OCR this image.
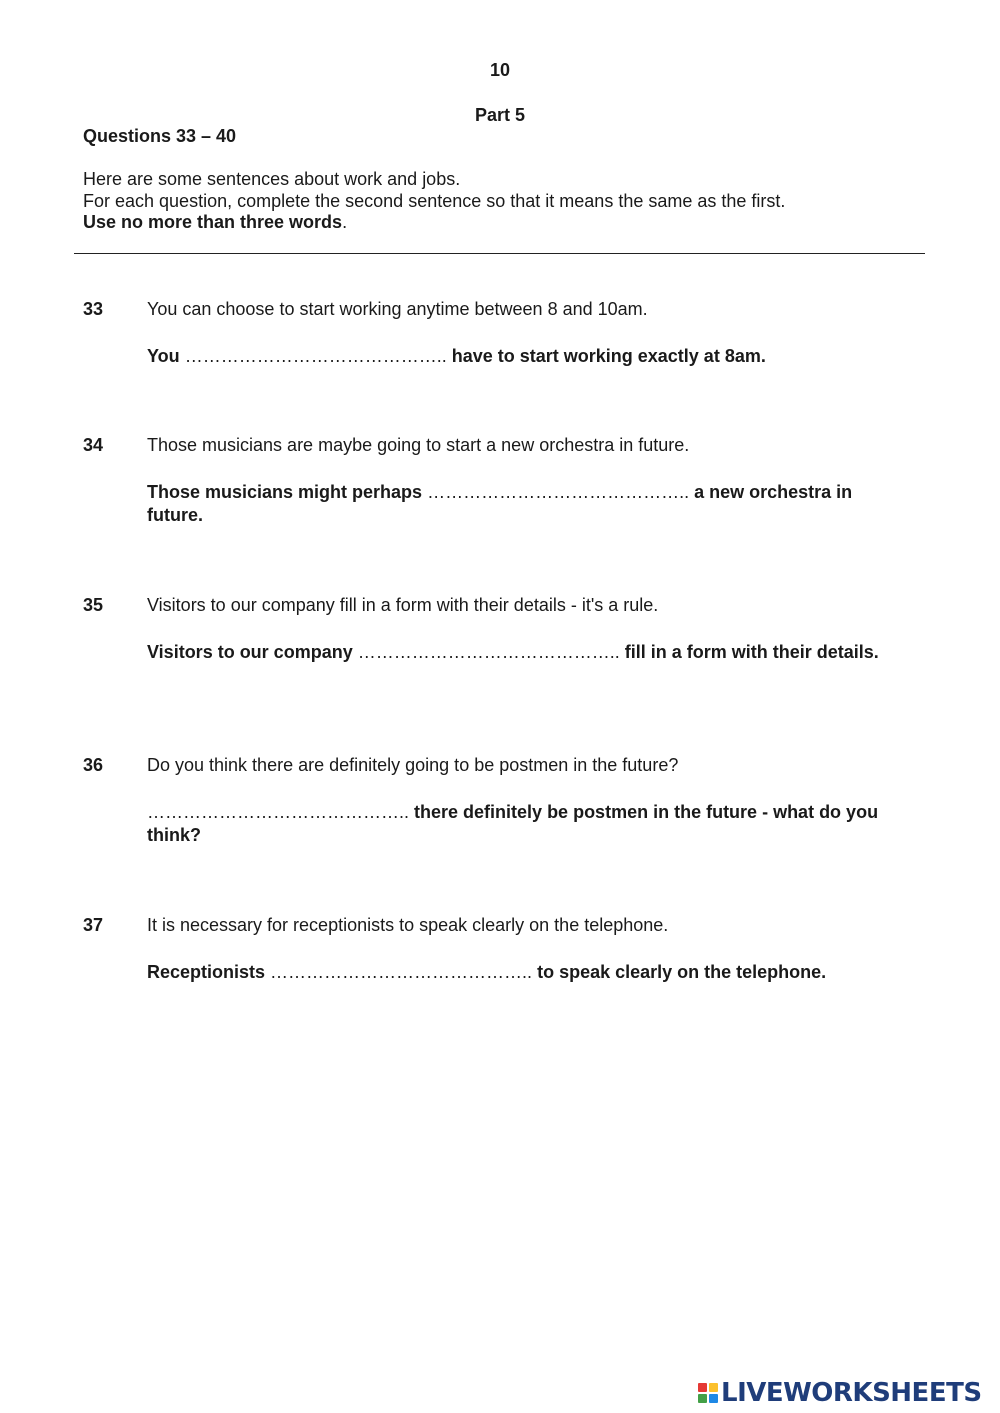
10
Part 5
Questions 33 – 40
Here are some sentences about work and jobs.
For each question, complete the second sentence so that it means the same as the first.
Use no more than three words.
33 You can choose to start working anytime between 8 and 10am.
You …………………………………….. have to start working exactly at 8am.
34 Those musicians are maybe going to start a new orchestra in future.
Those musicians might perhaps …………………………………….. a new orchestra in future.
35 Visitors to our company fill in a form with their details - it's a rule.
Visitors to our company …………………………………….. fill in a form with their details.
36 Do you think there are definitely going to be postmen in the future?
…………………………………….. there definitely be postmen in the future - what do you think?
37 It is necessary for receptionists to speak clearly on the telephone.
Receptionists …………………………………….. to speak clearly on the telephone.
LIVEWORKSHEETS
